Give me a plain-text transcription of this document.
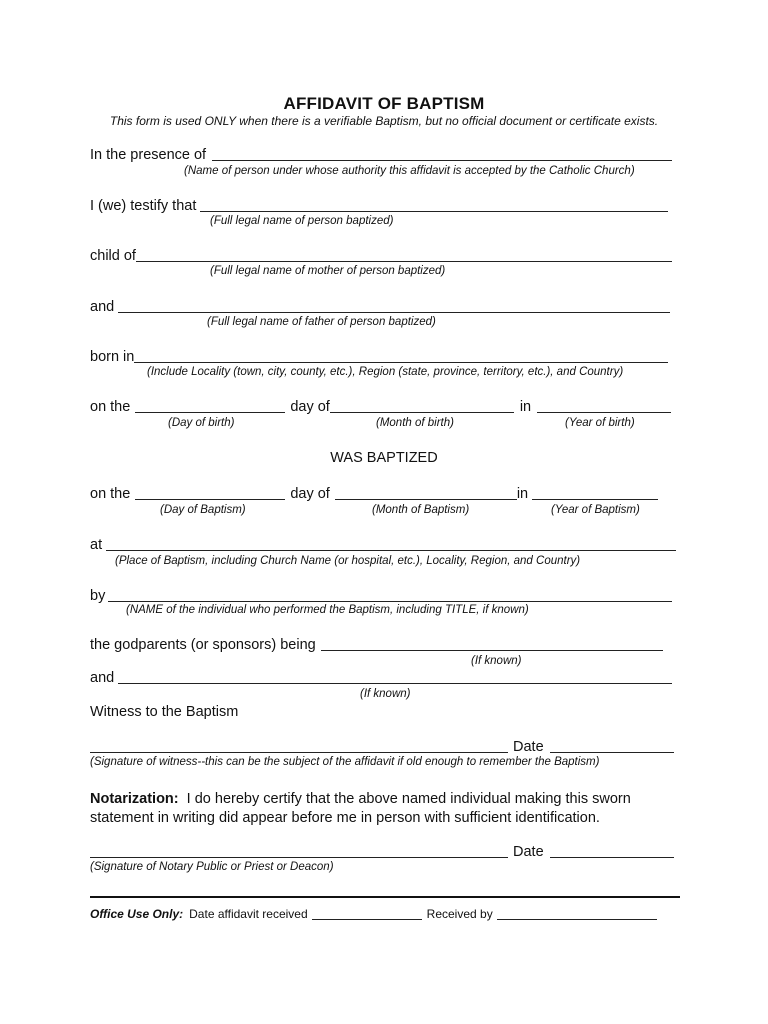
AFFIDAVIT OF BAPTISM
This form is used ONLY when there is a verifiable Baptism, but no official document or certificate exists.
In the presence of
(Name of person under whose authority this affidavit is accepted by the Catholic Church)
I (we) testify that
(Full legal name of person baptized)
child of
(Full legal name of mother of person baptized)
and
(Full legal name of father of person baptized)
born in
(Include Locality (town, city, county, etc.), Region (state, province, territory, etc.), and Country)
on the	day of	in
(Day of birth)	(Month of birth)	(Year of birth)
WAS BAPTIZED
on the	day of	in
(Day of Baptism)	(Month of Baptism)	(Year of Baptism)
at
(Place of Baptism, including Church Name (or hospital, etc.), Locality, Region, and Country)
by
(NAME of the individual who performed the Baptism, including TITLE, if known)
the godparents (or sponsors) being
(If known)
and
(If known)
Witness to the Baptism
Date
(Signature of witness--this can be the subject of the affidavit if old enough to remember the Baptism)
Notarization: I do hereby certify that the above named individual making this sworn statement in writing did appear before me in person with sufficient identification.
Date
(Signature of Notary Public or Priest or Deacon)
Office Use Only: Date affidavit received	Received by
